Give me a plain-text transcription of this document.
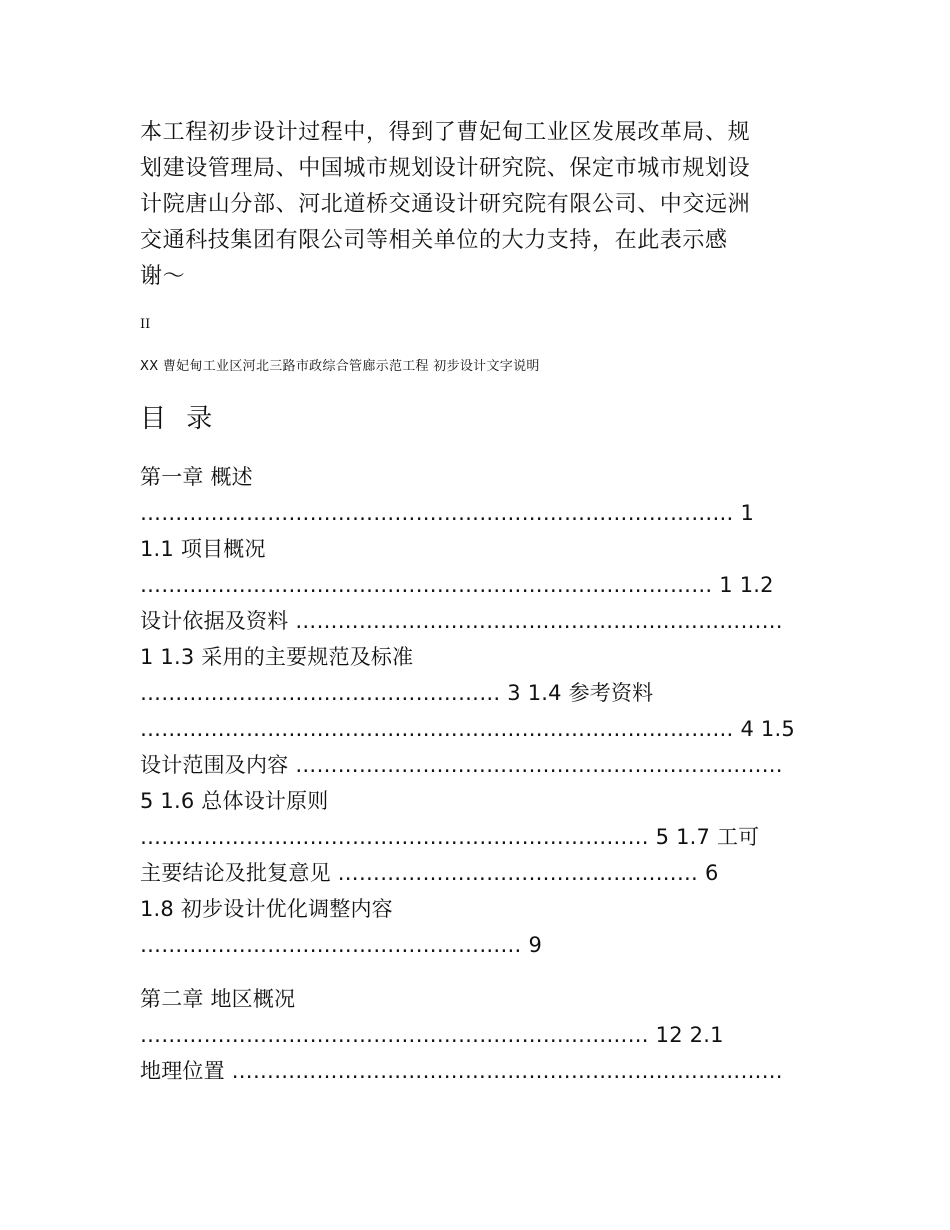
本工程初步设计过程中，得到了曹妃甸工业区发展改革局、规
划建设管理局、中国城市规划设计研究院、保定市城市规划设
计院唐山分部、河北道桥交通设计研究院有限公司、中交远洲
交通科技集团有限公司等相关单位的大力支持，在此表示感
谢～
II
XX 曹妃甸工业区河北三路市政综合管廊示范工程 初步设计文字说明
目 录
第一章 概述
………………………………………………………………………… 1
1.1 项目概况
……………………………………………………………………… 1 1.2
设计依据及资料 ……………………………………………………………
1 1.3 采用的主要规范及标准
…………………………………………… 3 1.4 参考资料
………………………………………………………………………… 4 1.5
设计范围及内容 ……………………………………………………………
5 1.6 总体设计原则
……………………………………………………………… 5 1.7 工可
主要结论及批复意见 …………………………………………… 6
1.8 初步设计优化调整内容
……………………………………………… 9
第二章 地区概况
……………………………………………………………… 12 2.1
地理位置 ……………………………………………………………………
